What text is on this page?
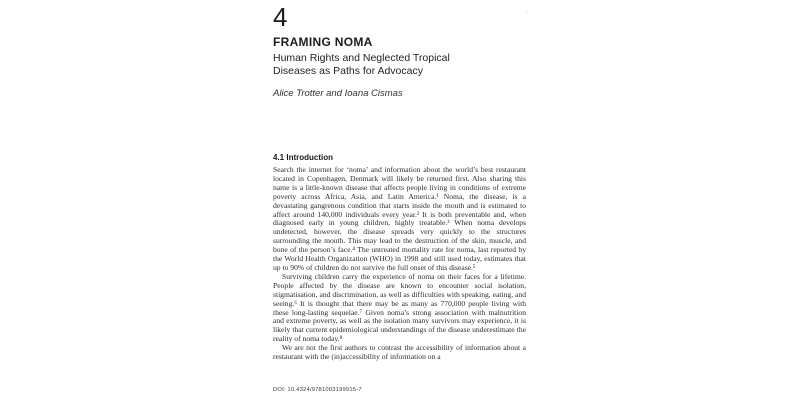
4
FRAMING NOMA
Human Rights and Neglected Tropical Diseases as Paths for Advocacy
Alice Trotter and Ioana Cismas
4.1 Introduction

Search the internet for ‘noma’ and information about the world’s best restaurant located in Copenhagen, Denmark will likely be returned first. Also sharing this name is a little-known disease that affects people living in conditions of extreme poverty across Africa, Asia, and Latin America.¹ Noma, the disease, is a devastating gangrenous condition that starts inside the mouth and is estimated to affect around 140,000 individuals every year.² It is both preventable and, when diagnosed early in young children, highly treatable.³ When noma develops undetected, however, the disease spreads very quickly to the structures surrounding the mouth. This may lead to the destruction of the skin, muscle, and bone of the person’s face.⁴ The untreated mortality rate for noma, last reported by the World Health Organization (WHO) in 1998 and still used today, estimates that up to 90% of children do not survive the full onset of this disease.⁵

Surviving children carry the experience of noma on their faces for a lifetime. People affected by the disease are known to encounter social isolation, stigmatisation, and discrimination, as well as difficulties with speaking, eating, and seeing.⁶ It is thought that there may be as many as 770,000 people living with these long-lasting sequelae.⁷ Given noma’s strong association with malnutrition and extreme poverty, as well as the isolation many survivors may experience, it is likely that current epidemiological understandings of the disease underestimate the reality of noma today.⁸

We are not the first authors to contrast the accessibility of information about a restaurant with the (in)accessibility of information on a

DOI: 10.4324/9781003199915-7
